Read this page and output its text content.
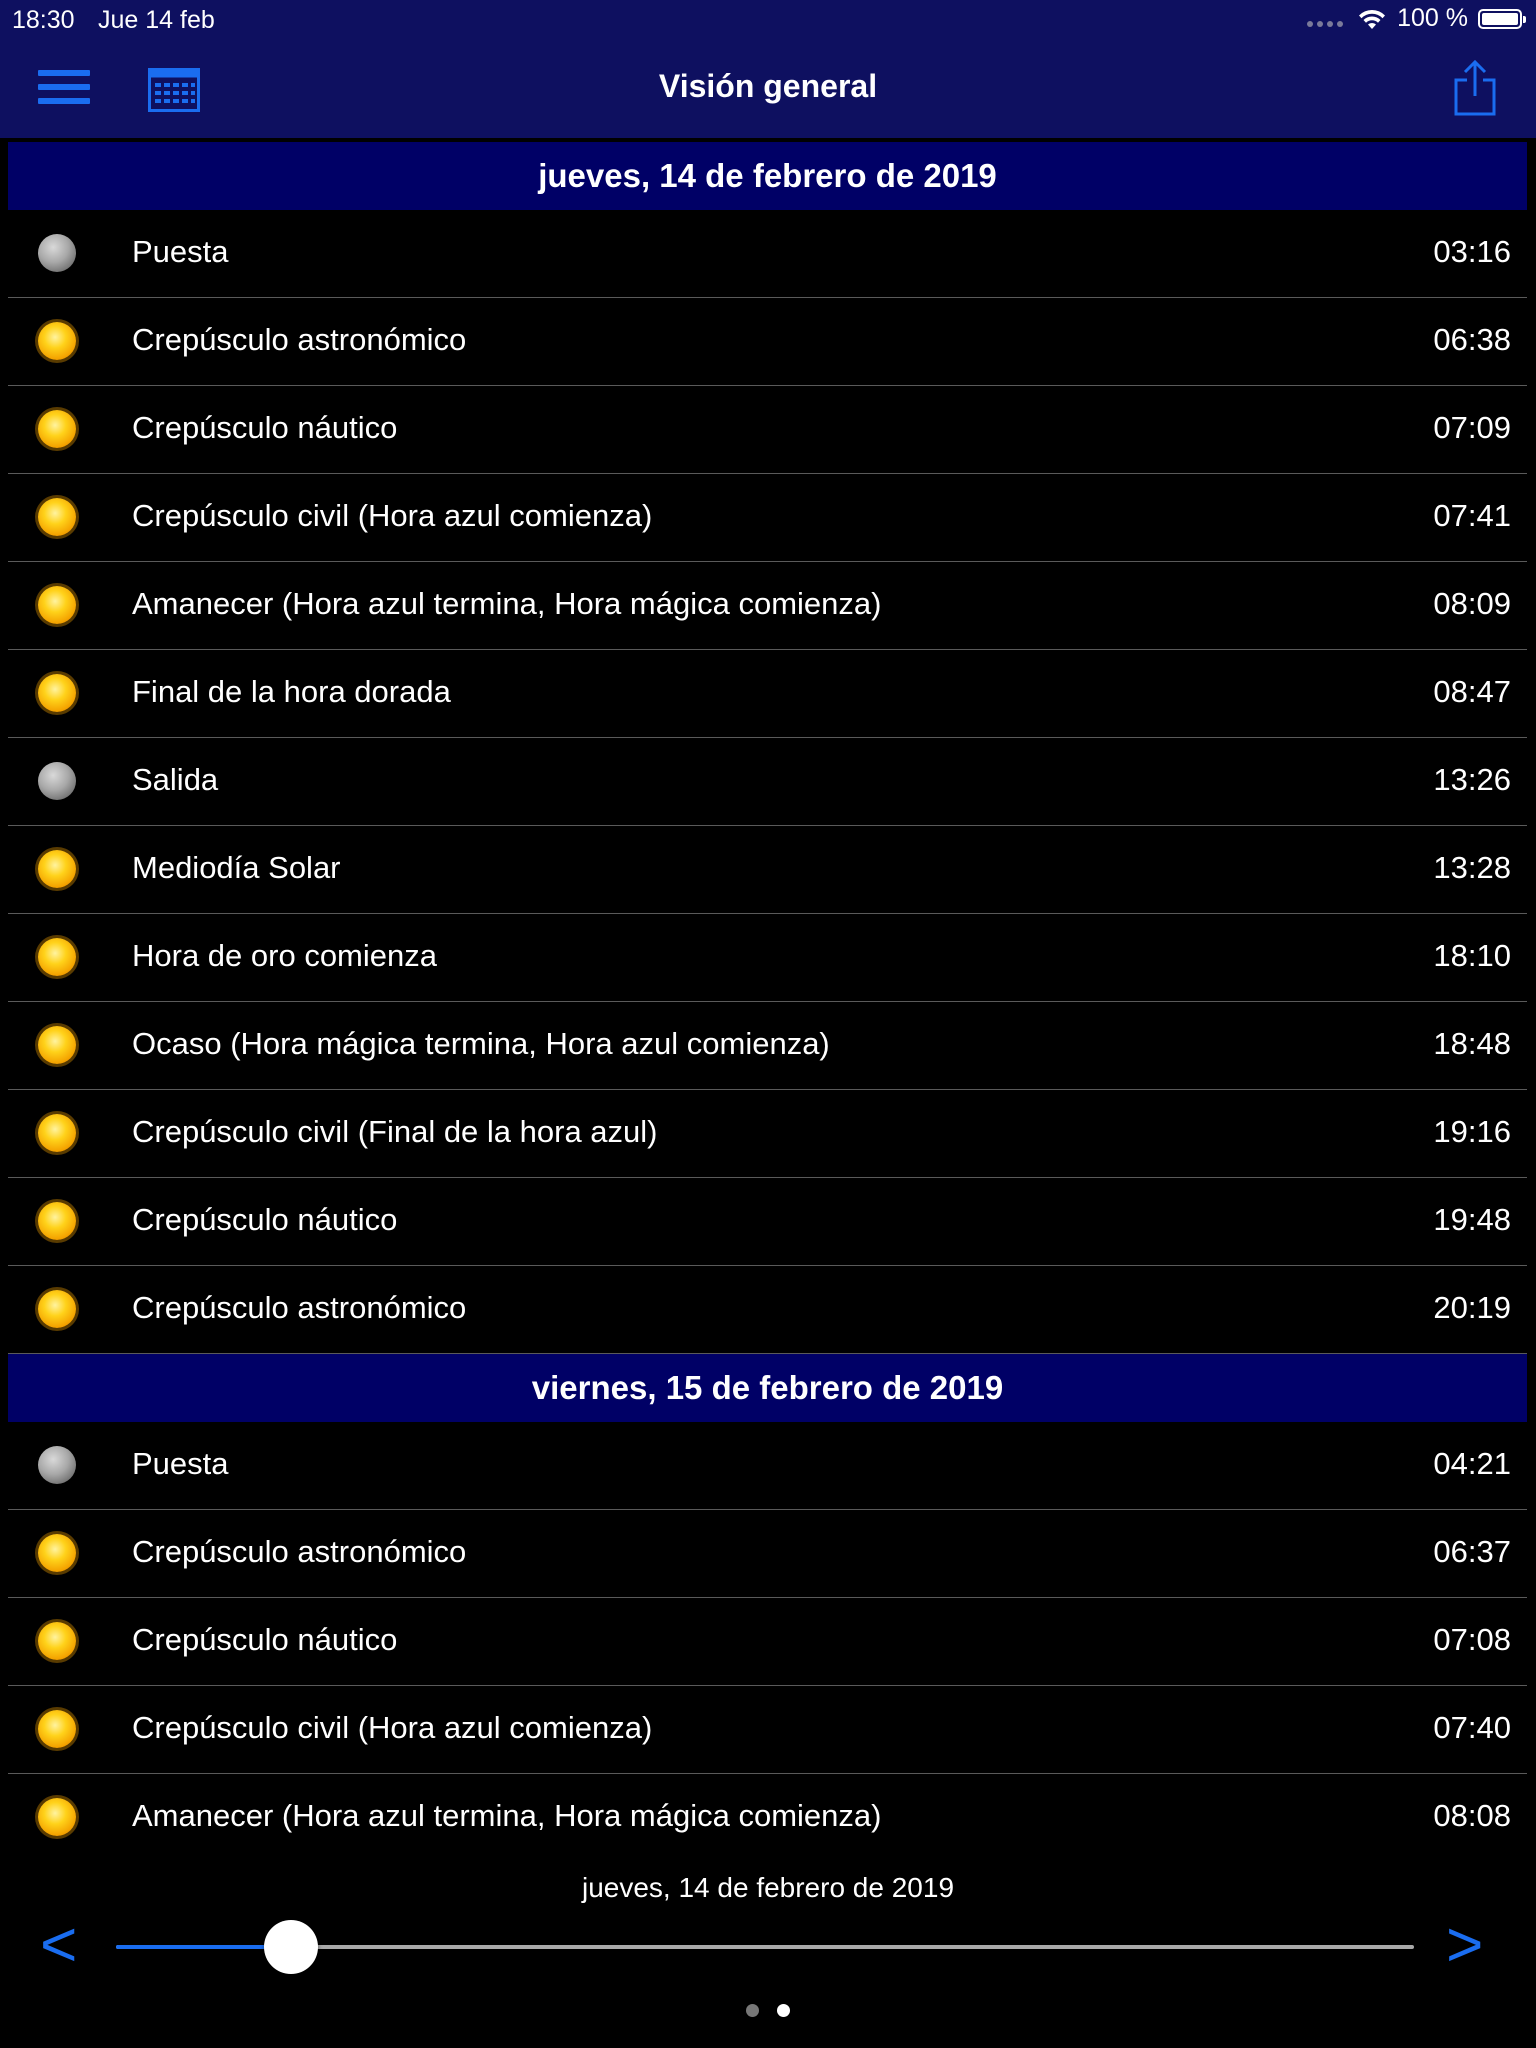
18:30 Jue 14 feb	100 %
Visión general
jueves, 14 de febrero de 2019
Puesta	03:16
Crepúsculo astronómico	06:38
Crepúsculo náutico	07:09
Crepúsculo civil (Hora azul comienza)	07:41
Amanecer (Hora azul termina, Hora mágica comienza)	08:09
Final de la hora dorada	08:47
Salida	13:26
Mediodía Solar	13:28
Hora de oro comienza	18:10
Ocaso (Hora mágica termina, Hora azul comienza)	18:48
Crepúsculo civil (Final de la hora azul)	19:16
Crepúsculo náutico	19:48
Crepúsculo astronómico	20:19
viernes, 15 de febrero de 2019
Puesta	04:21
Crepúsculo astronómico	06:37
Crepúsculo náutico	07:08
Crepúsculo civil (Hora azul comienza)	07:40
Amanecer (Hora azul termina, Hora mágica comienza)	08:08
jueves, 14 de febrero de 2019
<	>
